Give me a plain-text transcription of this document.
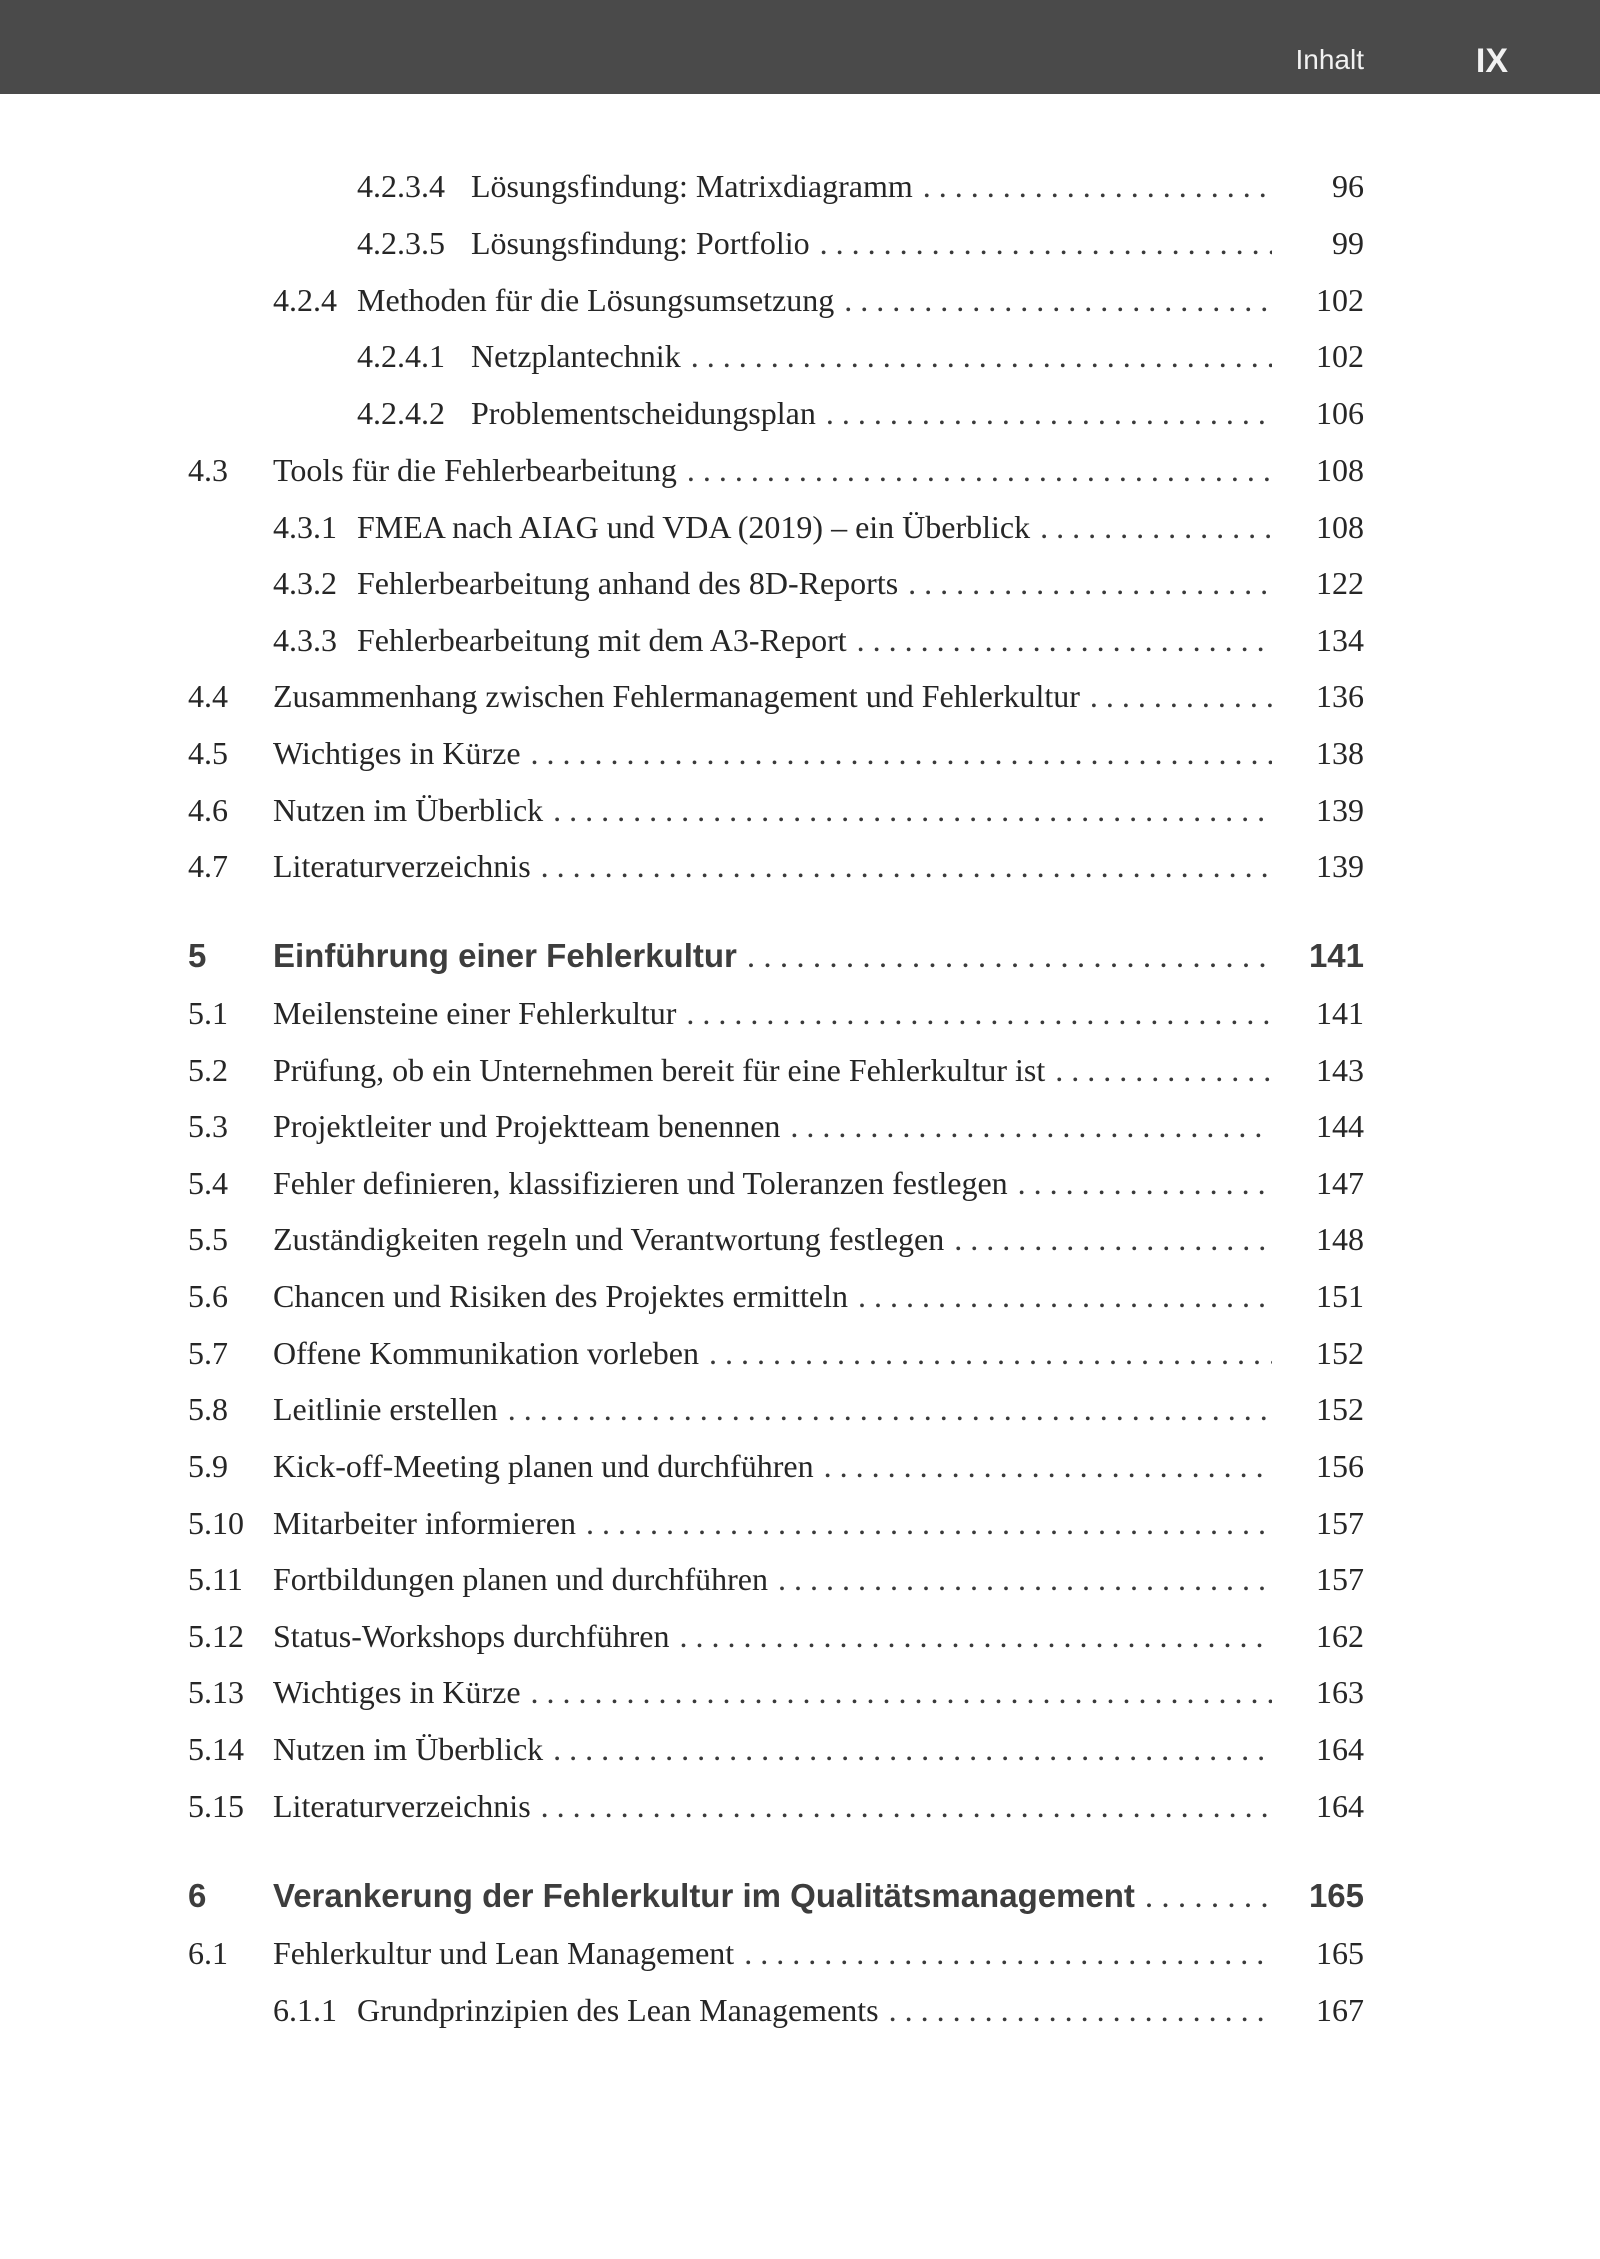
Inhalt	IX
4.2.3.4 Lösungsfindung: Matrixdiagramm . . .	96
4.2.3.5 Lösungsfindung: Portfolio . . .	99
4.2.4 Methoden für die Lösungsumsetzung . . .	102
4.2.4.1 Netzplantechnik . . .	102
4.2.4.2 Problementscheidungsplan . . .	106
4.3 Tools für die Fehlerbearbeitung . . .	108
4.3.1 FMEA nach AIAG und VDA (2019) – ein Überblick . . .	108
4.3.2 Fehlerbearbeitung anhand des 8D-Reports . . .	122
4.3.3 Fehlerbearbeitung mit dem A3-Report . . .	134
4.4 Zusammenhang zwischen Fehlermanagement und Fehlerkultur . . .	136
4.5 Wichtiges in Kürze . . .	138
4.6 Nutzen im Überblick . . .	139
4.7 Literaturverzeichnis . . .	139
5 Einführung einer Fehlerkultur . . .	141
5.1 Meilensteine einer Fehlerkultur . . .	141
5.2 Prüfung, ob ein Unternehmen bereit für eine Fehlerkultur ist . . .	143
5.3 Projektleiter und Projektteam benennen . . .	144
5.4 Fehler definieren, klassifizieren und Toleranzen festlegen . . .	147
5.5 Zuständigkeiten regeln und Verantwortung festlegen . . .	148
5.6 Chancen und Risiken des Projektes ermitteln . . .	151
5.7 Offene Kommunikation vorleben . . .	152
5.8 Leitlinie erstellen . . .	152
5.9 Kick-off-Meeting planen und durchführen . . .	156
5.10 Mitarbeiter informieren . . .	157
5.11 Fortbildungen planen und durchführen . . .	157
5.12 Status-Workshops durchführen . . .	162
5.13 Wichtiges in Kürze . . .	163
5.14 Nutzen im Überblick . . .	164
5.15 Literaturverzeichnis . . .	164
6 Verankerung der Fehlerkultur im Qualitätsmanagement . . .	165
6.1 Fehlerkultur und Lean Management . . .	165
6.1.1 Grundprinzipien des Lean Managements . . .	167
